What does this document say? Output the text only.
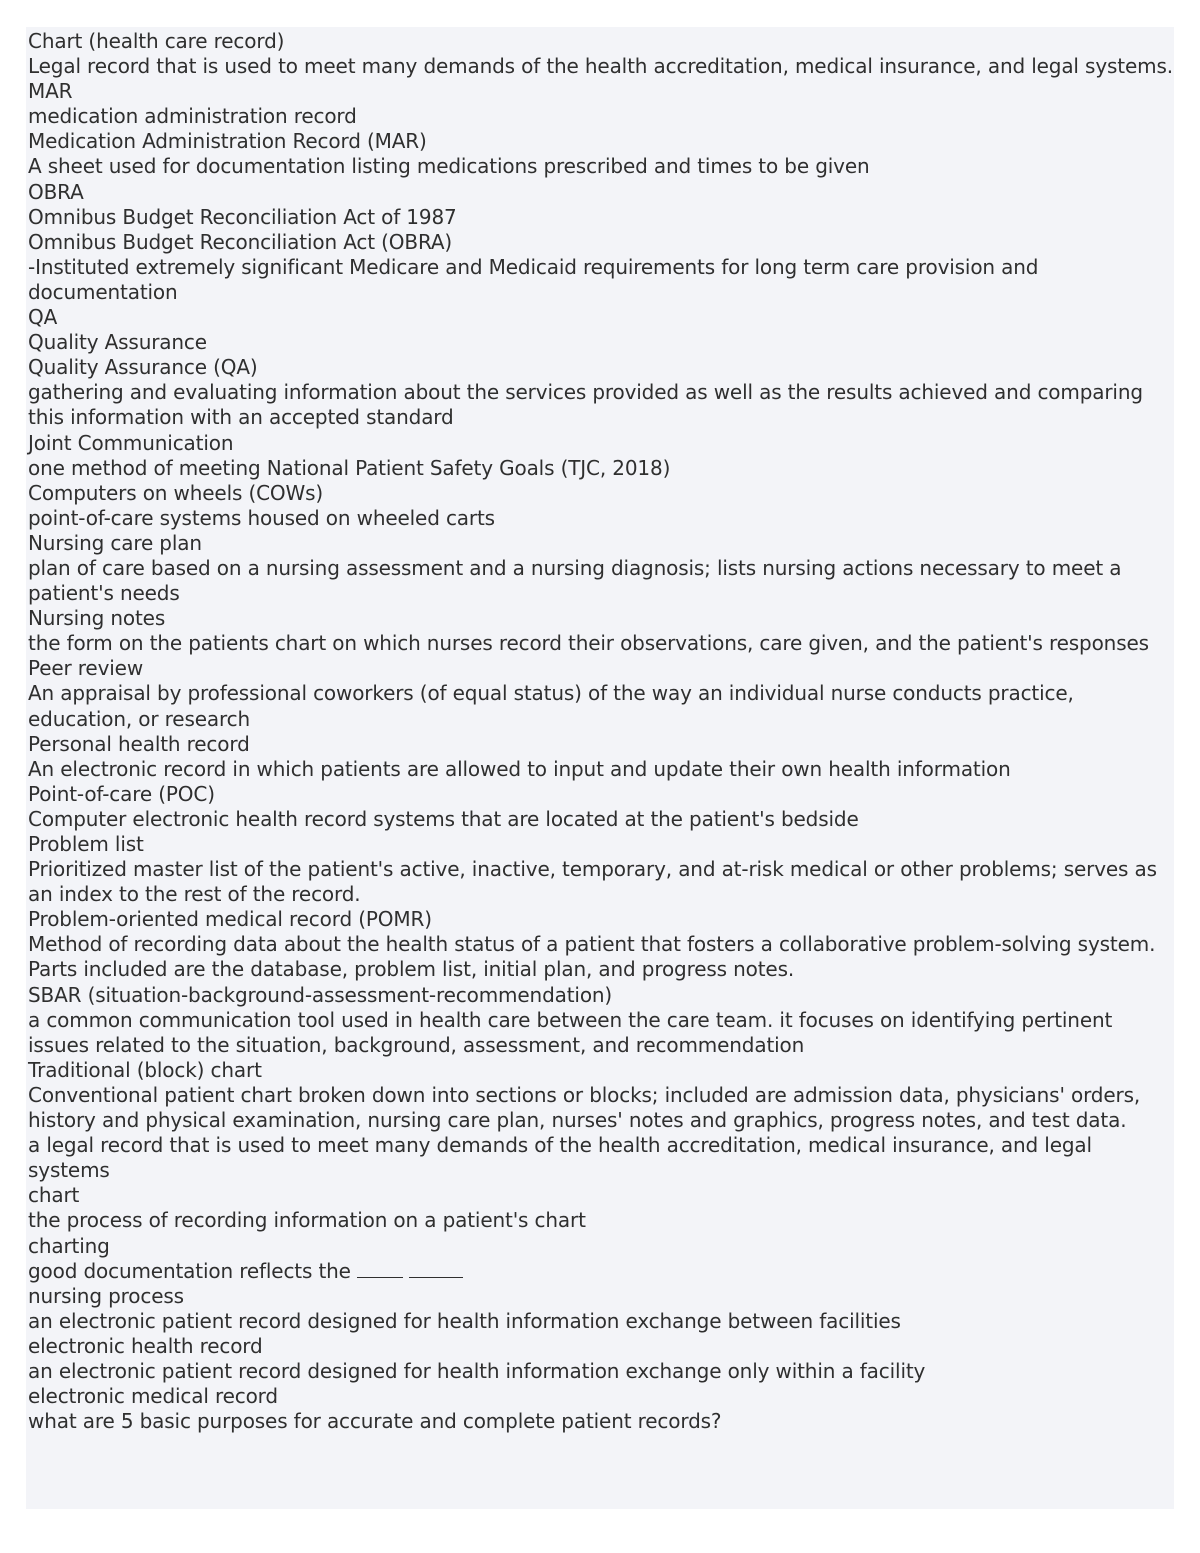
Chart (health care record)

Legal record that is used to meet many demands of the health accreditation, medical insurance, and legal systems.

MAR

medication administration record

Medication Administration Record (MAR)

A sheet used for documentation listing medications prescribed and times to be given

OBRA

Omnibus Budget Reconciliation Act of 1987

Omnibus Budget Reconciliation Act (OBRA)

-Instituted extremely significant Medicare and Medicaid requirements for long term care provision and documentation

QA

Quality Assurance

Quality Assurance (QA)

gathering and evaluating information about the services provided as well as the results achieved and comparing this information with an accepted standard

Joint Communication

one method of meeting National Patient Safety Goals (TJC, 2018)

Computers on wheels (COWs)

point-of-care systems housed on wheeled carts

Nursing care plan

plan of care based on a nursing assessment and a nursing diagnosis; lists nursing actions necessary to meet a patient's needs

Nursing notes

the form on the patients chart on which nurses record their observations, care given, and the patient's responses

Peer review

An appraisal by professional coworkers (of equal status) of the way an individual nurse conducts practice, education, or research

Personal health record

An electronic record in which patients are allowed to input and update their own health information

Point-of-care (POC)

Computer electronic health record systems that are located at the patient's bedside

Problem list

Prioritized master list of the patient's active, inactive, temporary, and at-risk medical or other problems; serves as an index to the rest of the record.

Problem-oriented medical record (POMR)

Method of recording data about the health status of a patient that fosters a collaborative problem-solving system. Parts included are the database, problem list, initial plan, and progress notes.

SBAR (situation-background-assessment-recommendation)

a common communication tool used in health care between the care team. it focuses on identifying pertinent issues related to the situation, background, assessment, and recommendation

Traditional (block) chart

Conventional patient chart broken down into sections or blocks; included are admission data, physicians' orders, history and physical examination, nursing care plan, nurses' notes and graphics, progress notes, and test data.

a legal record that is used to meet many demands of the health accreditation, medical insurance, and legal systems

chart

the process of recording information on a patient's chart

charting

good documentation reflects the

nursing process

an electronic patient record designed for health information exchange between facilities

electronic health record

an electronic patient record designed for health information exchange only within a facility

electronic medical record

what are 5 basic purposes for accurate and complete patient records?
